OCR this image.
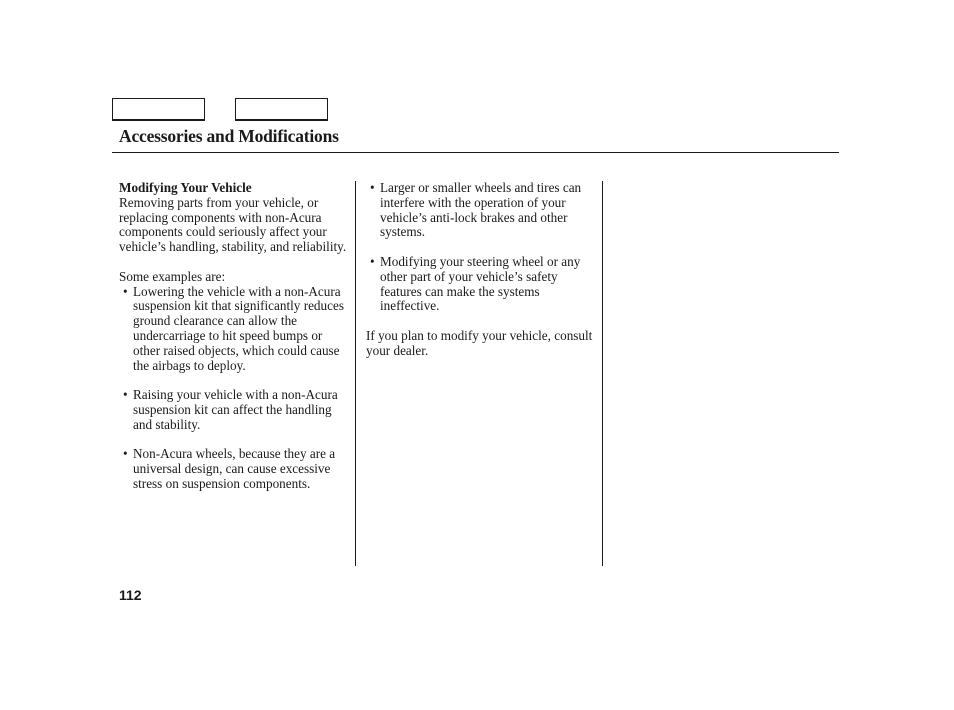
Accessories and Modifications

Modifying Your Vehicle

Removing parts from your vehicle, or replacing components with non-Acura components could seriously affect your vehicle’s handling, stability, and reliability.

Some examples are:

• Lowering the vehicle with a non-Acura suspension kit that significantly reduces ground clearance can allow the undercarriage to hit speed bumps or other raised objects, which could cause the airbags to deploy.
• Raising your vehicle with a non-Acura suspension kit can affect the handling and stability.
• Non-Acura wheels, because they are a universal design, can cause excessive stress on suspension components.
• Larger or smaller wheels and tires can interfere with the operation of your vehicle’s anti-lock brakes and other systems.
• Modifying your steering wheel or any other part of your vehicle’s safety features can make the systems ineffective.

If you plan to modify your vehicle, consult your dealer.

112
